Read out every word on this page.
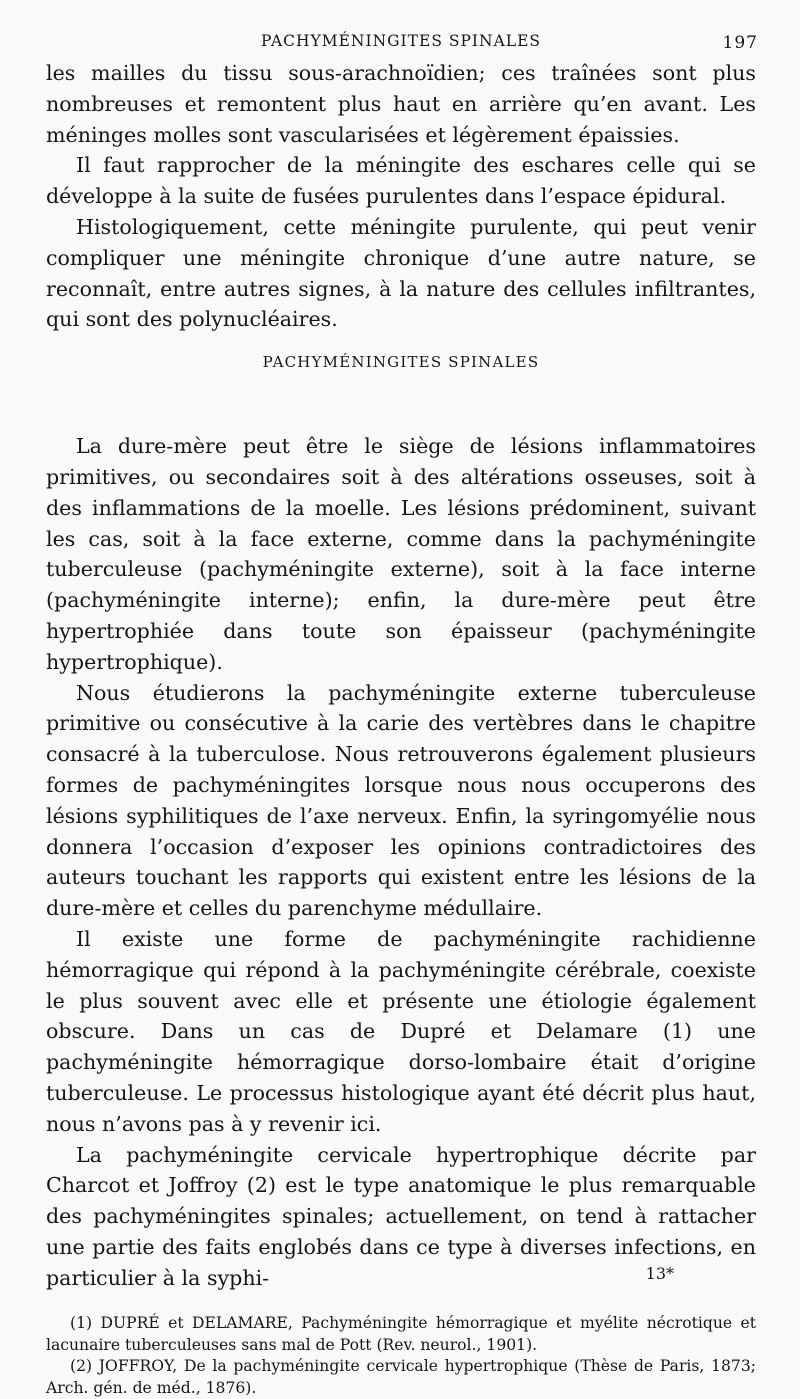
PACHYMÉNINGITES SPINALES	197

les mailles du tissu sous-arachnoïdien; ces traînées sont plus nombreuses et remontent plus haut en arrière qu’en avant. Les méninges molles sont vascularisées et légèrement épaissies.

Il faut rapprocher de la méningite des eschares celle qui se développe à la suite de fusées purulentes dans l’espace épidural.

Histologiquement, cette méningite purulente, qui peut venir compliquer une méningite chronique d’une autre nature, se reconnaît, entre autres signes, à la nature des cellules infiltrantes, qui sont des polynucléaires.

PACHYMÉNINGITES SPINALES

La dure-mère peut être le siège de lésions inflammatoires primitives, ou secondaires soit à des altérations osseuses, soit à des inflammations de la moelle. Les lésions prédominent, suivant les cas, soit à la face externe, comme dans la pachyméningite tuberculeuse (pachyméningite externe), soit à la face interne (pachyméningite interne); enfin, la dure-mère peut être hypertrophiée dans toute son épaisseur (pachyméningite hypertrophique).

Nous étudierons la pachyméningite externe tuberculeuse primitive ou consécutive à la carie des vertèbres dans le chapitre consacré à la tuberculose. Nous retrouverons également plusieurs formes de pachyméningites lorsque nous nous occuperons des lésions syphilitiques de l’axe nerveux. Enfin, la syringomyélie nous donnera l’occasion d’exposer les opinions contradictoires des auteurs touchant les rapports qui existent entre les lésions de la dure-mère et celles du parenchyme médullaire.

Il existe une forme de pachyméningite rachidienne hémorragique qui répond à la pachyméningite cérébrale, coexiste le plus souvent avec elle et présente une étiologie également obscure. Dans un cas de Dupré et Delamare (1) une pachyméningite hémorragique dorso-lombaire était d’origine tuberculeuse. Le processus histologique ayant été décrit plus haut, nous n’avons pas à y revenir ici.

La pachyméningite cervicale hypertrophique décrite par Charcot et Joffroy (2) est le type anatomique le plus remarquable des pachyméningites spinales; actuellement, on tend à rattacher une partie des faits englobés dans ce type à diverses infections, en particulier à la syphi-

(1) DUPRÉ et DELAMARE, Pachyméningite hémorragique et myélite nécrotique et lacunaire tuberculeuses sans mal de Pott (Rev. neurol., 1901).

(2) JOFFROY, De la pachyméningite cervicale hypertrophique (Thèse de Paris, 1873; Arch. gén. de méd., 1876).

13*
